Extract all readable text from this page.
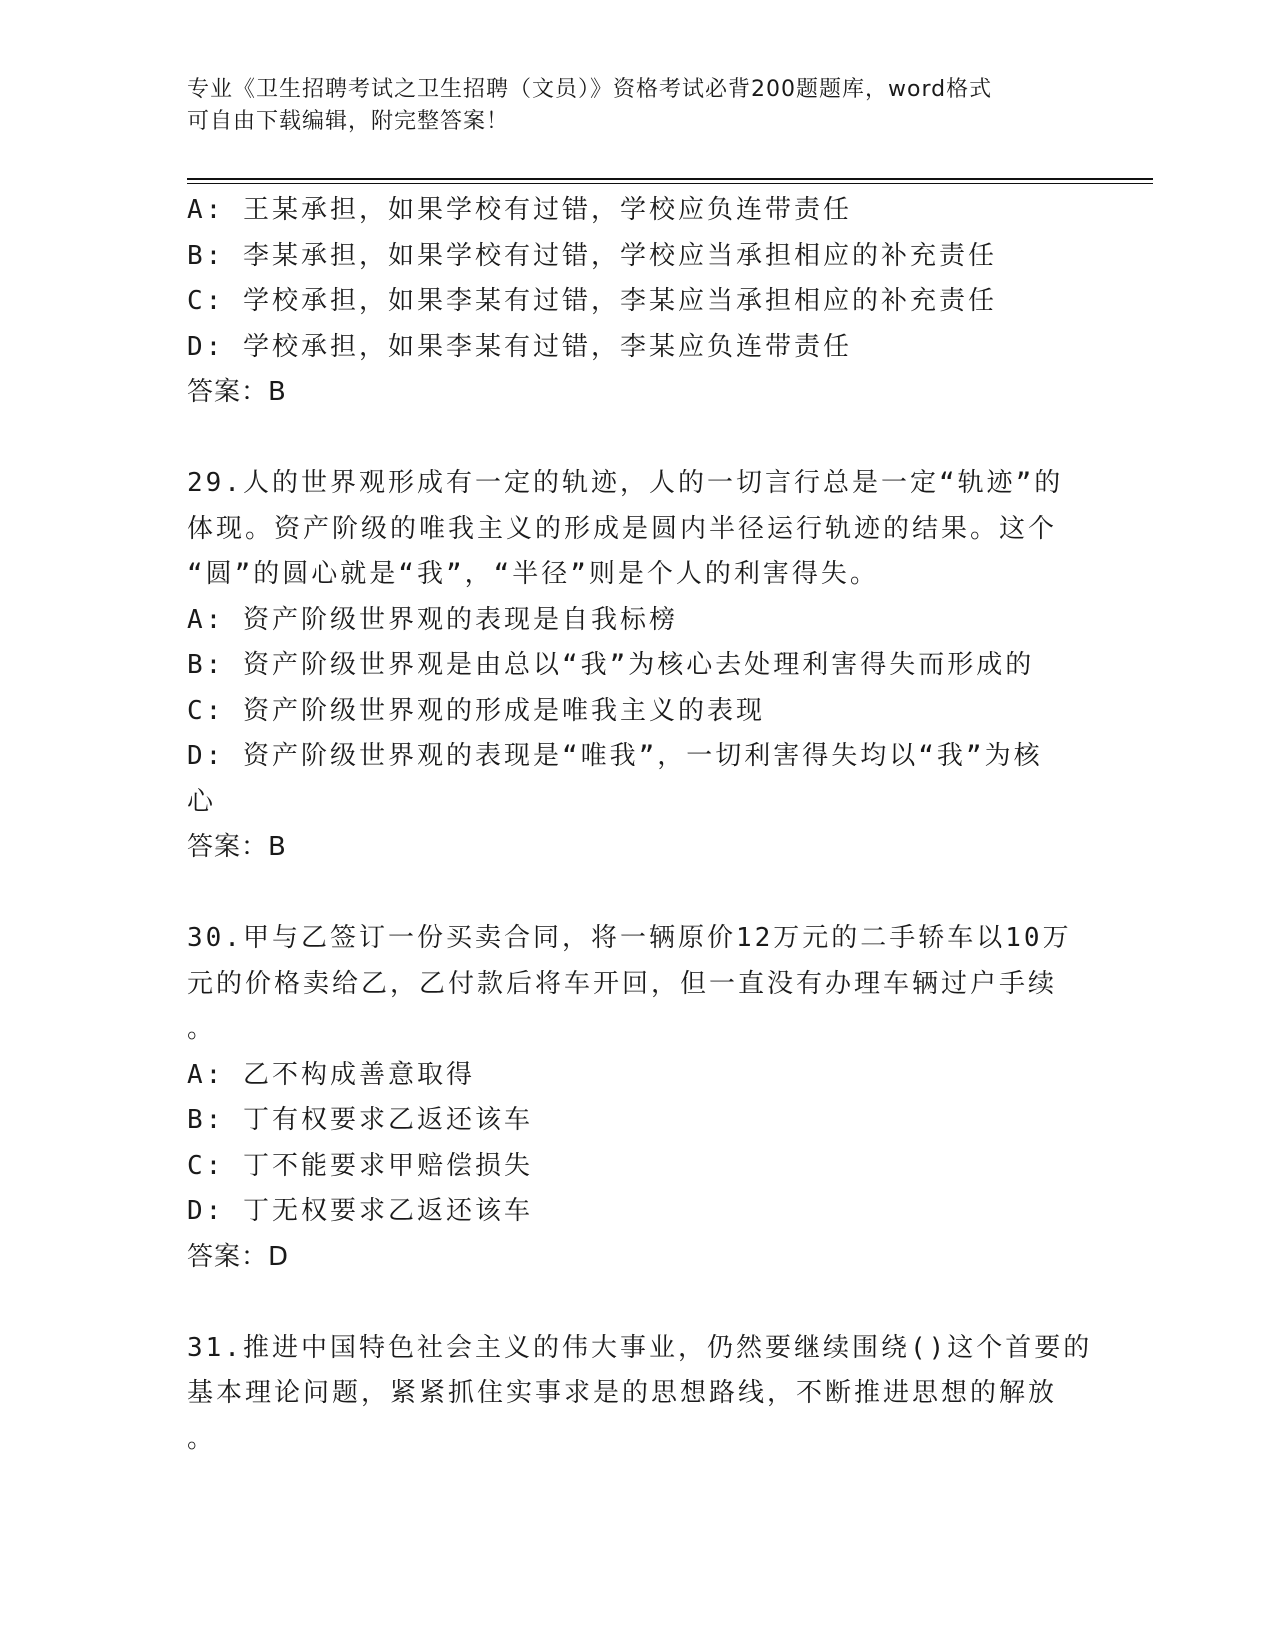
专业《卫生招聘考试之卫生招聘（文员）》资格考试必背200题题库，word格式
可自由下载编辑，附完整答案！
A: 王某承担，如果学校有过错，学校应负连带责任
B: 李某承担，如果学校有过错，学校应当承担相应的补充责任
C: 学校承担，如果李某有过错，李某应当承担相应的补充责任
D: 学校承担，如果李某有过错，李某应负连带责任
答案：B
29.人的世界观形成有一定的轨迹，人的一切言行总是一定“轨迹”的
体现。资产阶级的唯我主义的形成是圆内半径运行轨迹的结果。这个
“圆”的圆心就是“我”，“半径”则是个人的利害得失。
A: 资产阶级世界观的表现是自我标榜
B: 资产阶级世界观是由总以“我”为核心去处理利害得失而形成的
C: 资产阶级世界观的形成是唯我主义的表现
D: 资产阶级世界观的表现是“唯我”，一切利害得失均以“我”为核
心
答案：B
30.甲与乙签订一份买卖合同，将一辆原价12万元的二手轿车以10万
元的价格卖给乙，乙付款后将车开回，但一直没有办理车辆过户手续
。
A: 乙不构成善意取得
B: 丁有权要求乙返还该车
C: 丁不能要求甲赔偿损失
D: 丁无权要求乙返还该车
答案：D
31.推进中国特色社会主义的伟大事业，仍然要继续围绕()这个首要的
基本理论问题，紧紧抓住实事求是的思想路线，不断推进思想的解放
。
